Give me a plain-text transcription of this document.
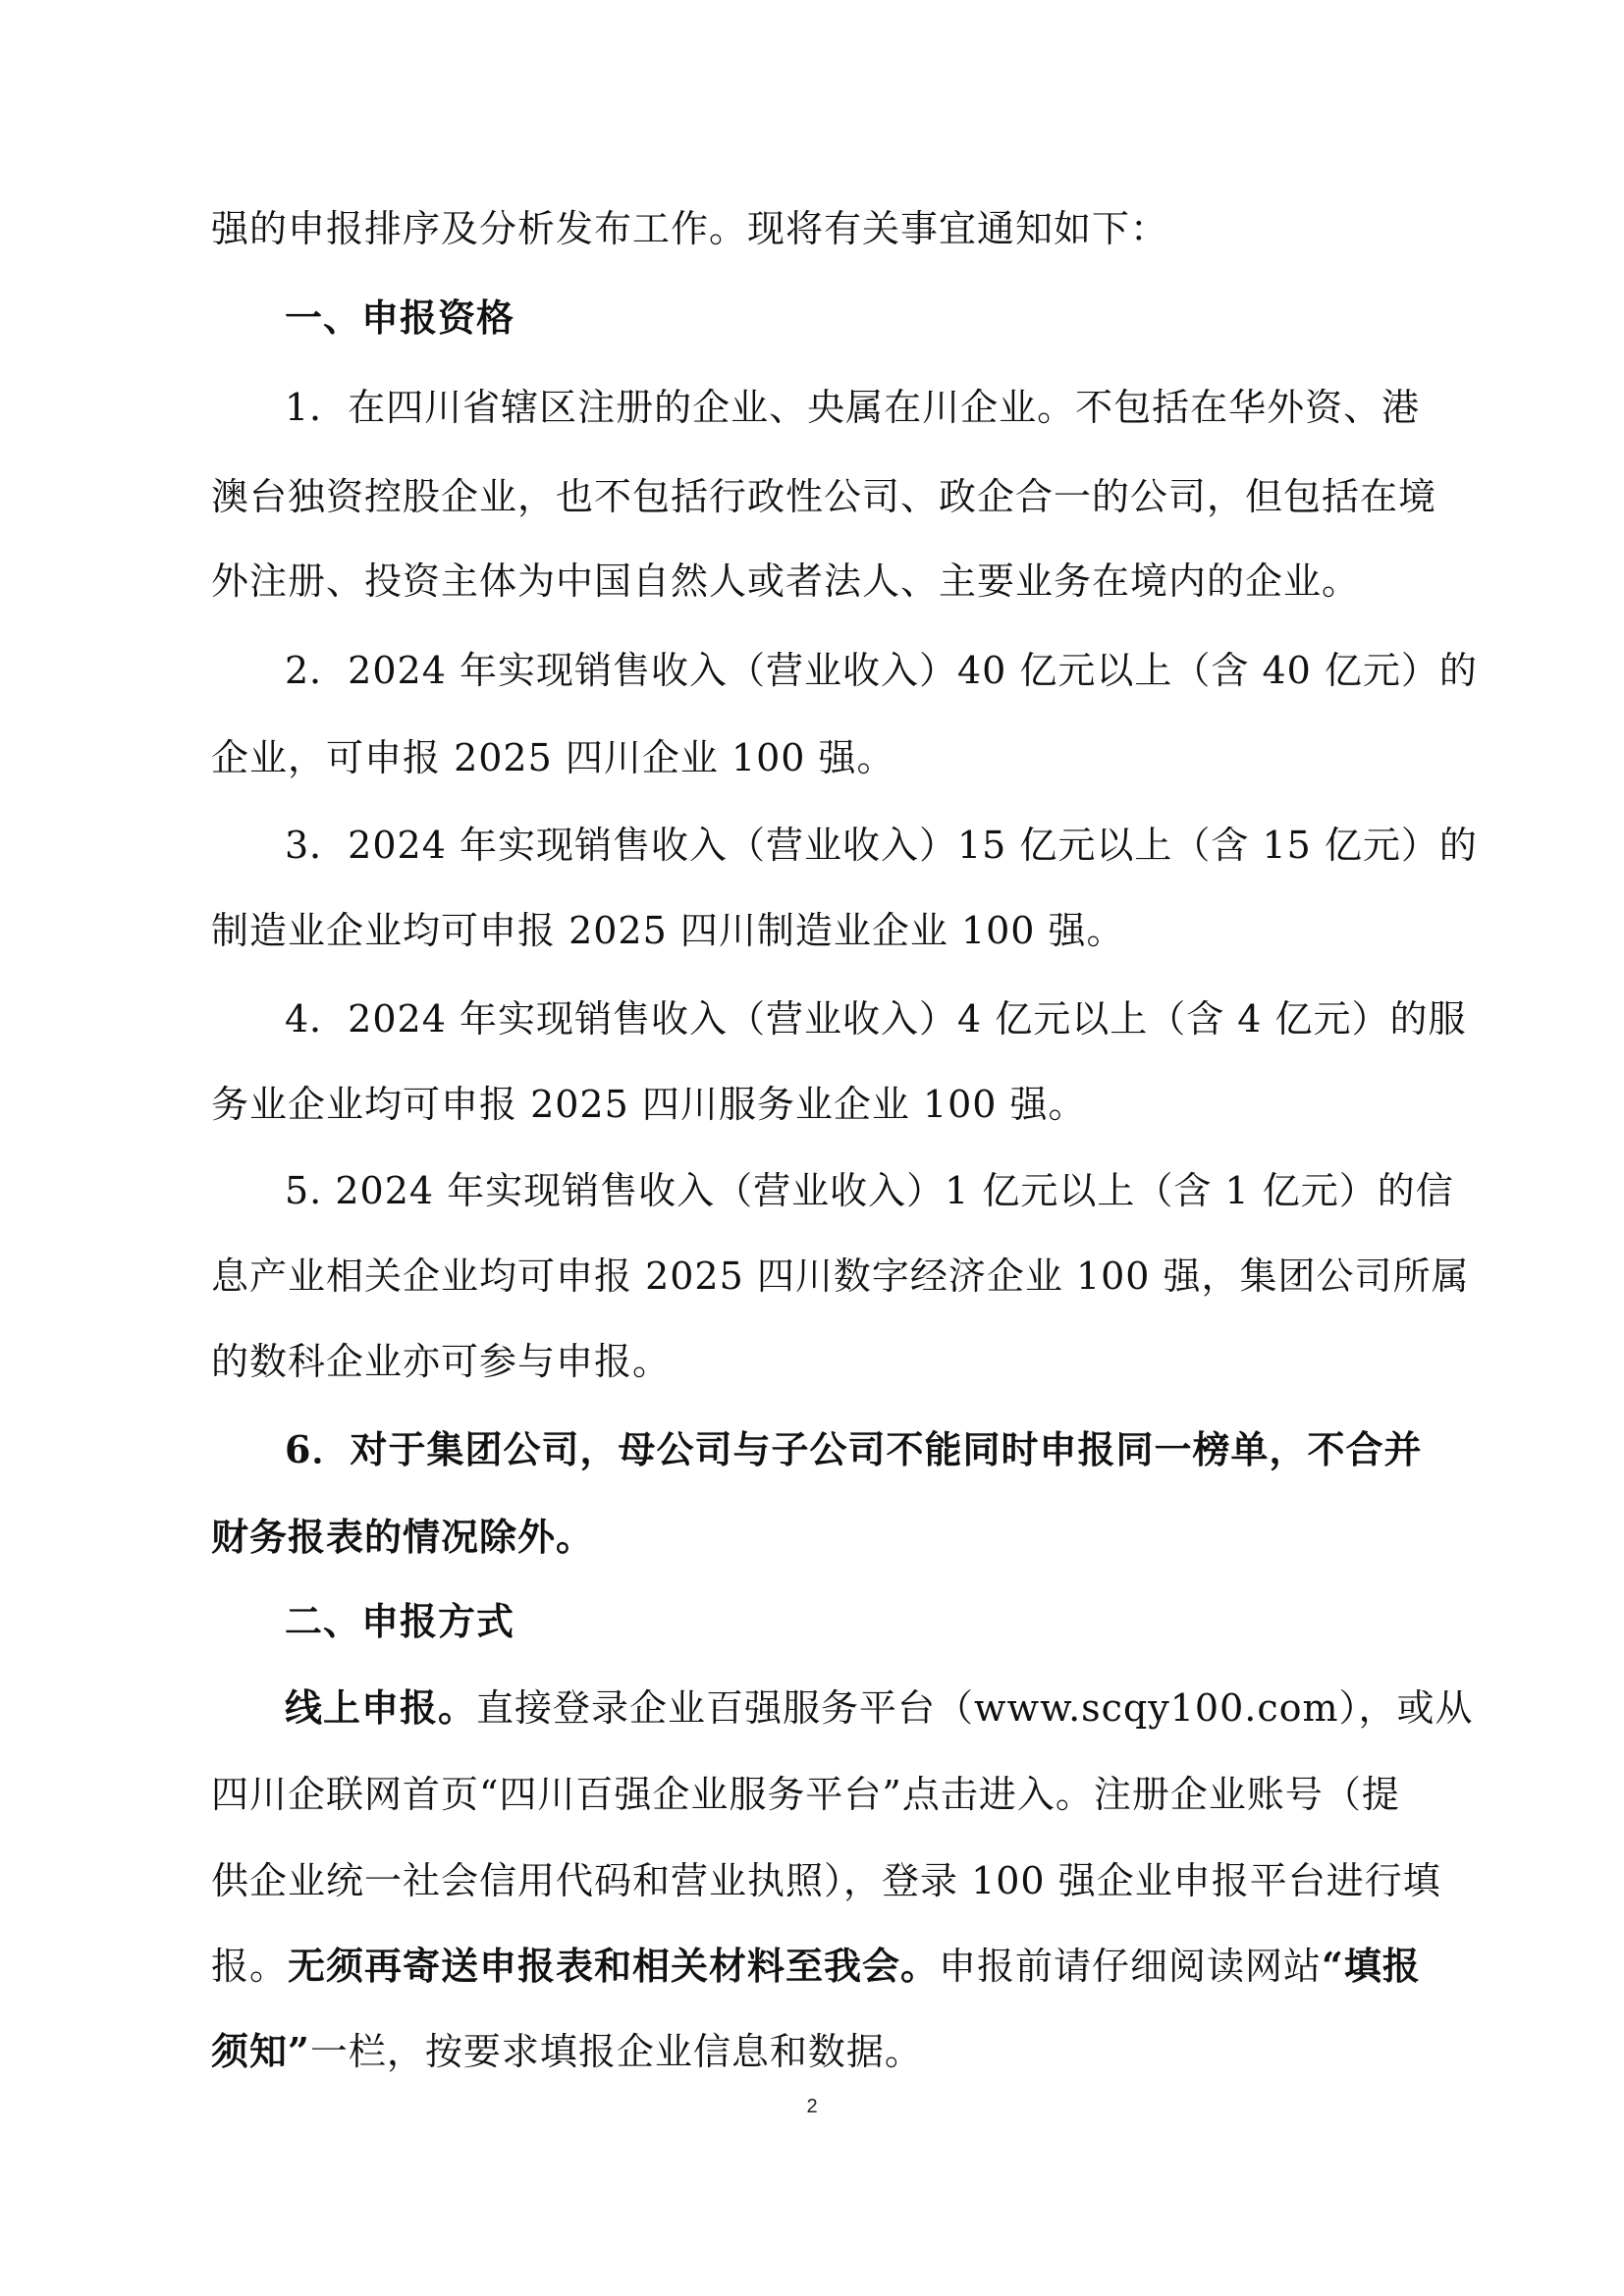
强的申报排序及分析发布工作。现将有关事宜通知如下：
一、申报资格
1．在四川省辖区注册的企业、央属在川企业。不包括在华外资、港
澳台独资控股企业，也不包括行政性公司、政企合一的公司，但包括在境
外注册、投资主体为中国自然人或者法人、主要业务在境内的企业。
2．2024 年实现销售收入（营业收入）40 亿元以上（含 40 亿元）的
企业，可申报 2025 四川企业 100 强。
3．2024 年实现销售收入（营业收入）15 亿元以上（含 15 亿元）的
制造业企业均可申报 2025 四川制造业企业 100 强。
4．2024 年实现销售收入（营业收入）4 亿元以上（含 4 亿元）的服
务业企业均可申报 2025 四川服务业企业 100 强。
5. 2024 年实现销售收入（营业收入）1 亿元以上（含 1 亿元）的信
息产业相关企业均可申报 2025 四川数字经济企业 100 强，集团公司所属
的数科企业亦可参与申报。
6．对于集团公司，母公司与子公司不能同时申报同一榜单，不合并
财务报表的情况除外。
二、申报方式
线上申报。直接登录企业百强服务平台（www.scqy100.com），或从
四川企联网首页“四川百强企业服务平台”点击进入。注册企业账号（提
供企业统一社会信用代码和营业执照），登录 100 强企业申报平台进行填
报。无须再寄送申报表和相关材料至我会。申报前请仔细阅读网站“填报
须知”一栏，按要求填报企业信息和数据。
2
